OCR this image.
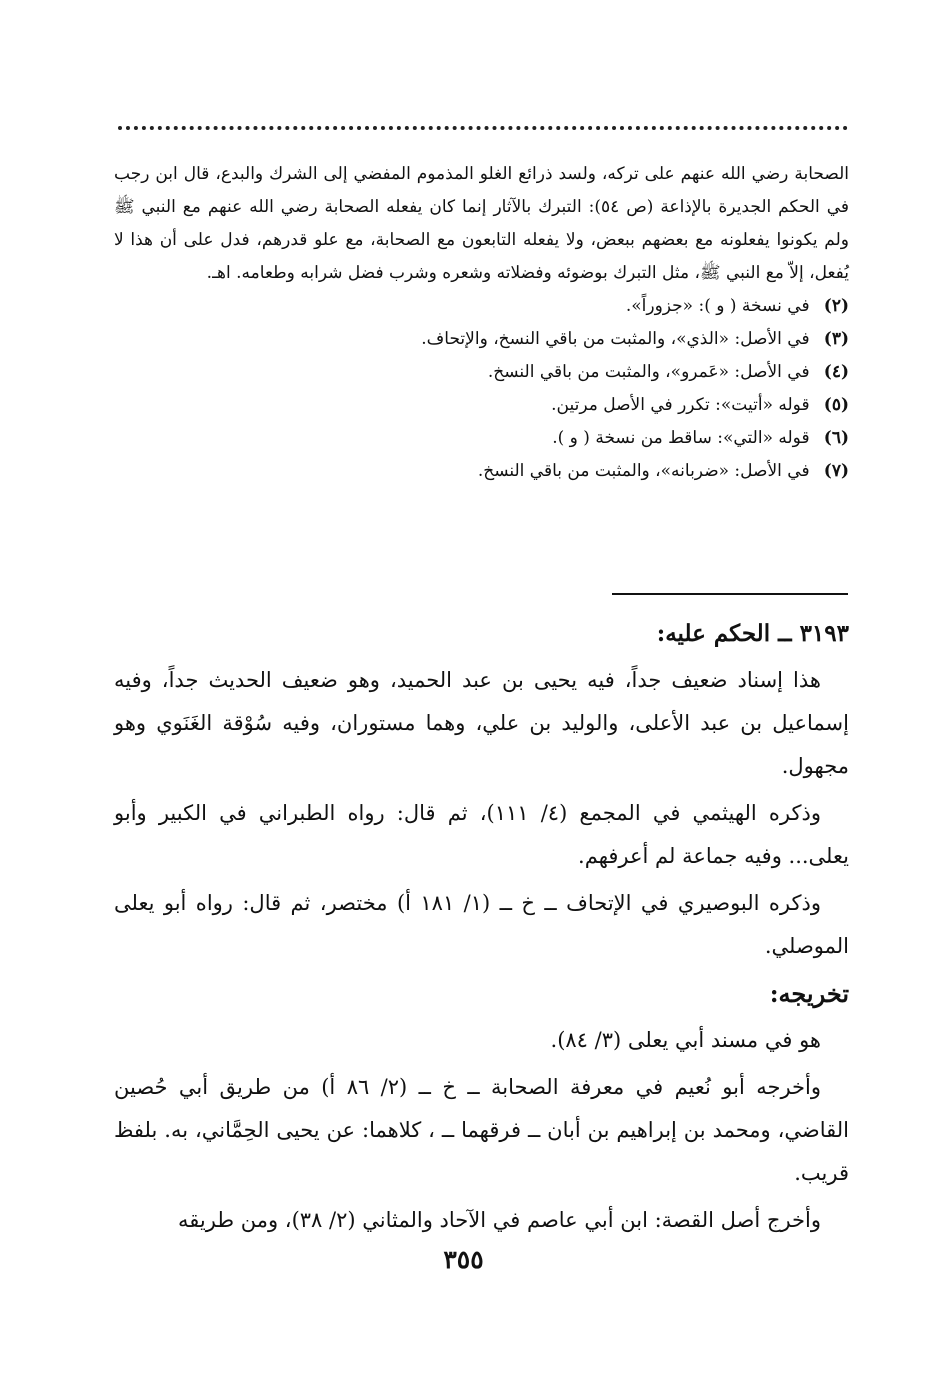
الصحابة رضي الله عنهم على تركه، ولسد ذرائع الغلو المذموم المفضي إلى الشرك والبدع، قال ابن رجب في الحكم الجديرة بالإذاعة (ص ٥٤): التبرك بالآثار إنما كان يفعله الصحابة رضي الله عنهم مع النبي ﷺ ولم يكونوا يفعلونه مع بعضهم ببعض، ولا يفعله التابعون مع الصحابة، مع علو قدرهم، فدل على أن هذا لا يُفعل، إلاّ مع النبي ﷺ، مثل التبرك بوضوئه وفضلاته وشعره وشرب فضل شرابه وطعامه. اهـ.

(٢) في نسخة ( و ): «جزوراً».
(٣) في الأصل: «الذي»، والمثبت من باقي النسخ، والإتحاف.
(٤) في الأصل: «عَمرو»، والمثبت من باقي النسخ.
(٥) قوله «أتيت»: تكرر في الأصل مرتين.
(٦) قوله «التي»: ساقط من نسخة ( و ).
(٧) في الأصل: «ضربانه»، والمثبت من باقي النسخ.

٣١٩٣ ــ الحكم عليه:

هذا إسناد ضعيف جداً، فيه يحيى بن عبد الحميد، وهو ضعيف الحديث جداً، وفيه إسماعيل بن عبد الأعلى، والوليد بن علي، وهما مستوران، وفيه سُوْقة الغَنَوي وهو مجهول.

وذكره الهيثمي في المجمع (٤/ ١١١)، ثم قال: رواه الطبراني في الكبير وأبو يعلى... وفيه جماعة لم أعرفهم.

وذكره البوصيري في الإتحاف ــ خ ــ (١/ ١٨١ أ) مختصر، ثم قال: رواه أبو يعلى الموصلي.

تخريجه:

هو في مسند أبي يعلى (٣/ ٨٤).

وأخرجه أبو نُعيم في معرفة الصحابة ــ خ ــ (٢/ ٨٦ أ) من طريق أبي حُصين القاضي، ومحمد بن إبراهيم بن أبان ــ فرقهما ــ ، كلاهما: عن يحيى الحِمَّاني، به. بلفظ قريب.

وأخرج أصل القصة: ابن أبي عاصم في الآحاد والمثاني (٢/ ٣٨)، ومن طريقه

٣٥٥
